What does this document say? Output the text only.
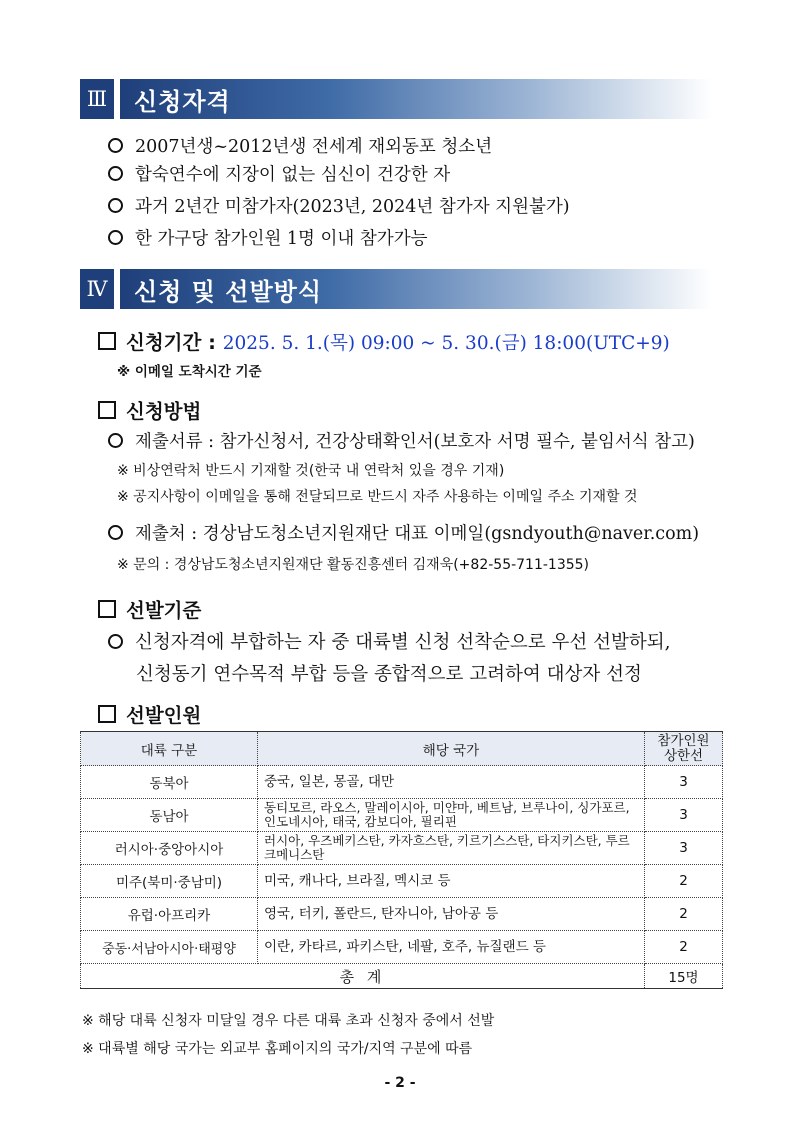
Ⅲ	신청자격
2007년생~2012년생 전세계 재외동포 청소년
합숙연수에 지장이 없는 심신이 건강한 자
과거 2년간 미참가자(2023년, 2024년 참가자 지원불가)
한 가구당 참가인원 1명 이내 참가가능
Ⅳ	신청 및 선발방식
신청기간 : 2025. 5. 1.(목) 09:00 ~ 5. 30.(금) 18:00(UTC+9)
※ 이메일 도착시간 기준
신청방법
제출서류 : 참가신청서, 건강상태확인서(보호자 서명 필수, 붙임서식 참고)
※ 비상연락처 반드시 기재할 것(한국 내 연락처 있을 경우 기재)
※ 공지사항이 이메일을 통해 전달되므로 반드시 자주 사용하는 이메일 주소 기재할 것
제출처 : 경상남도청소년지원재단 대표 이메일(gsndyouth@naver.com)
※ 문의 : 경상남도청소년지원재단 활동진흥센터 김재욱(+82-55-711-1355)
선발기준
신청자격에 부합하는 자 중 대륙별 신청 선착순으로 우선 선발하되,
신청동기 연수목적 부합 등을 종합적으로 고려하여 대상자 선정
선발인원
대륙 구분	해당 국가	참가인원
상한선
동북아	중국, 일본, 몽골, 대만	3
동남아	동티모르, 라오스, 말레이시아, 미얀마, 베트남, 브루나이, 싱가포르, 인도네시아, 태국, 캄보디아, 필리핀	3
러시아·중앙아시아	러시아, 우즈베키스탄, 카자흐스탄, 키르기스스탄, 타지키스탄, 투르크메니스탄	3
미주(북미·중남미)	미국, 캐나다, 브라질, 멕시코 등	2
유럽·아프리카	영국, 터키, 폴란드, 탄자니아, 남아공 등	2
중동·서남아시아·태평양	이란, 카타르, 파키스탄, 네팔, 호주, 뉴질랜드 등	2
총 계		15명
※ 해당 대륙 신청자 미달일 경우 다른 대륙 초과 신청자 중에서 선발
※ 대륙별 해당 국가는 외교부 홈페이지의 국가/지역 구분에 따름
- 2 -
